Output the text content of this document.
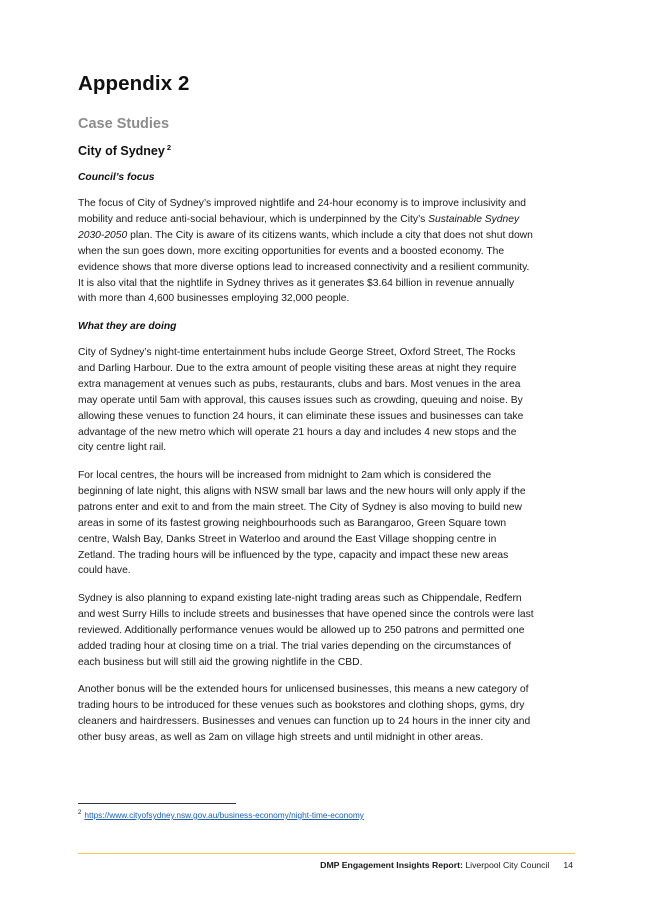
Appendix 2
Case Studies
City of Sydney $^2$

Council’s focus

The focus of City of Sydney’s improved nightlife and 24-hour economy is to improve inclusivity and
mobility and reduce anti-social behaviour, which is underpinned by the City’s Sustainable Sydney
2030-2050 plan. The City is aware of its citizens wants, which include a city that does not shut down
when the sun goes down, more exciting opportunities for events and a boosted economy. The
evidence shows that more diverse options lead to increased connectivity and a resilient community.
It is also vital that the nightlife in Sydney thrives as it generates $3.64 billion in revenue annually
with more than 4,600 businesses employing 32,000 people.

What they are doing

City of Sydney’s night-time entertainment hubs include George Street, Oxford Street, The Rocks
and Darling Harbour. Due to the extra amount of people visiting these areas at night they require
extra management at venues such as pubs, restaurants, clubs and bars. Most venues in the area
may operate until 5am with approval, this causes issues such as crowding, queuing and noise. By
allowing these venues to function 24 hours, it can eliminate these issues and businesses can take
advantage of the new metro which will operate 21 hours a day and includes 4 new stops and the
city centre light rail.
For local centres, the hours will be increased from midnight to 2am which is considered the
beginning of late night, this aligns with NSW small bar laws and the new hours will only apply if the
patrons enter and exit to and from the main street. The City of Sydney is also moving to build new
areas in some of its fastest growing neighbourhoods such as Barangaroo, Green Square town
centre, Walsh Bay, Danks Street in Waterloo and around the East Village shopping centre in
Zetland. The trading hours will be influenced by the type, capacity and impact these new areas
could have.
Sydney is also planning to expand existing late-night trading areas such as Chippendale, Redfern
and west Surry Hills to include streets and businesses that have opened since the controls were last
reviewed. Additionally performance venues would be allowed up to 250 patrons and permitted one
added trading hour at closing time on a trial. The trial varies depending on the circumstances of
each business but will still aid the growing nightlife in the CBD.
Another bonus will be the extended hours for unlicensed businesses, this means a new category of
trading hours to be introduced for these venues such as bookstores and clothing shops, gyms, dry
cleaners and hairdressers. Businesses and venues can function up to 24 hours in the inner city and
other busy areas, as well as 2am on village high streets and until midnight in other areas.
$^2$ https://www.cityofsydney.nsw.gov.au/business-economy/night-time-economy
DMP Engagement Insights Report: Liverpool City Council 14
